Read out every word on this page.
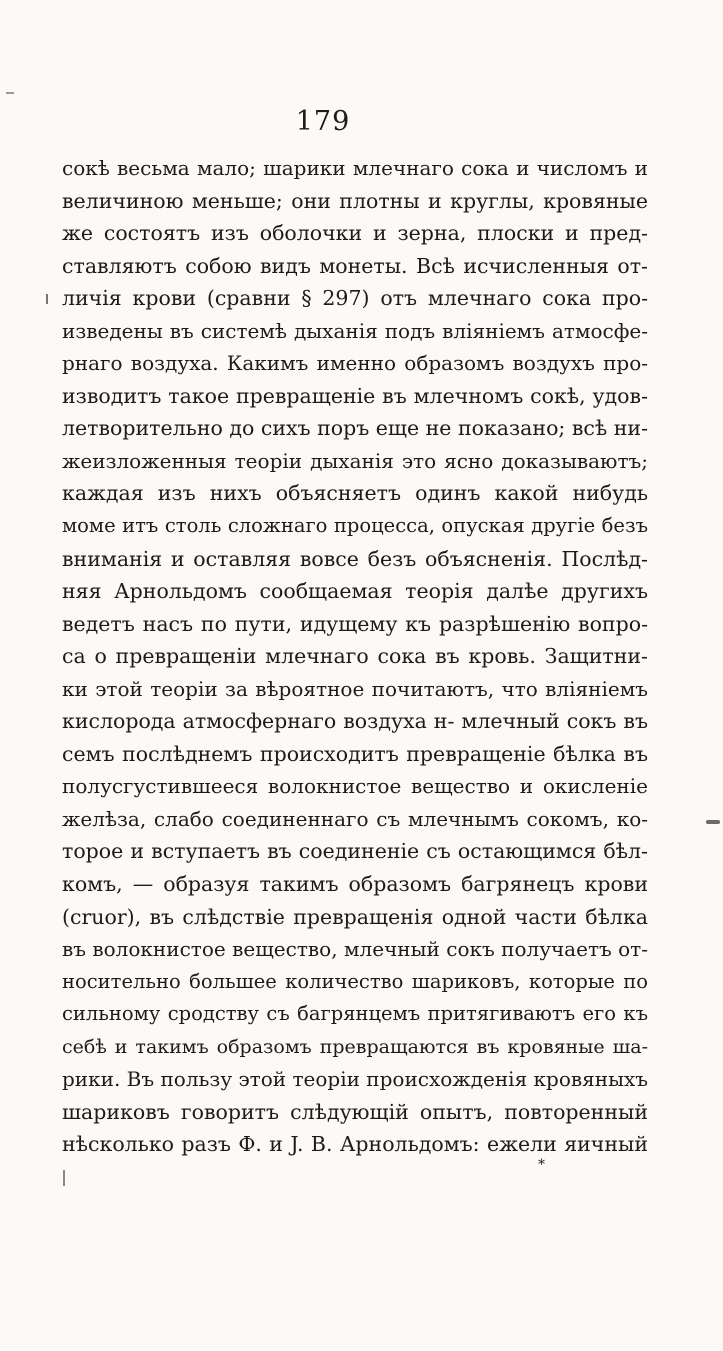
179
сокѣ весьма мало; шарики млечнаго сока и числомъ и
величиною меньше; они плотны и круглы, кровяные
же состоятъ изъ оболочки и зерна, плоски и пред-
ставляютъ собою видъ монеты. Всѣ исчисленныя от-
личія крови (сравни § 297) отъ млечнаго сока про-
изведены въ системѣ дыханія подъ вліяніемъ атмосфе-
рнаго воздуха. Какимъ именно образомъ воздухъ про-
изводитъ такое превращеніе въ млечномъ сокѣ, удов-
летворительно до сихъ поръ еще не показано; всѣ ни-
жеизложенныя теоріи дыханія это ясно доказываютъ;
каждая изъ нихъ объясняетъ одинъ какой нибудь
моме итъ столь сложнаго процесса, опуская другіе безъ
вниманія и оставляя вовсе безъ объясненія. Послѣд-
няя Арнольдомъ сообщаемая теорія далѣе другихъ
ведетъ насъ по пути, идущему къ разрѣшенію вопро-
са о превращеніи млечнаго сока въ кровь. Защитни-
ки этой теоріи за вѣроятное почитаютъ, что вліяніемъ
кислорода атмосфернаго воздуха н‑ млечный сокъ въ
семъ послѣднемъ происходитъ превращеніе бѣлка въ
полусгустившееся волокнистое вещество и окисленіе
желѣза, слабо соединеннаго съ млечнымъ сокомъ, ко-
торое и вступаетъ въ соединеніе съ остающимся бѣл-
комъ, — образуя такимъ образомъ багрянецъ крови
(cruor), въ слѣдствіе превращенія одной части бѣлка
въ волокнистое вещество, млечный сокъ получаетъ от-
носительно большее количество шариковъ, которые по
сильному сродству съ багрянцемъ притягиваютъ его къ
себѣ и такимъ образомъ превращаются въ кровяные ша-
рики. Въ пользу этой теоріи происхожденія кровяныхъ
шариковъ говоритъ слѣдующій опытъ, повторенный
нѣсколько разъ Ф. и J. В. Арнольдомъ: ежели яичный
*
